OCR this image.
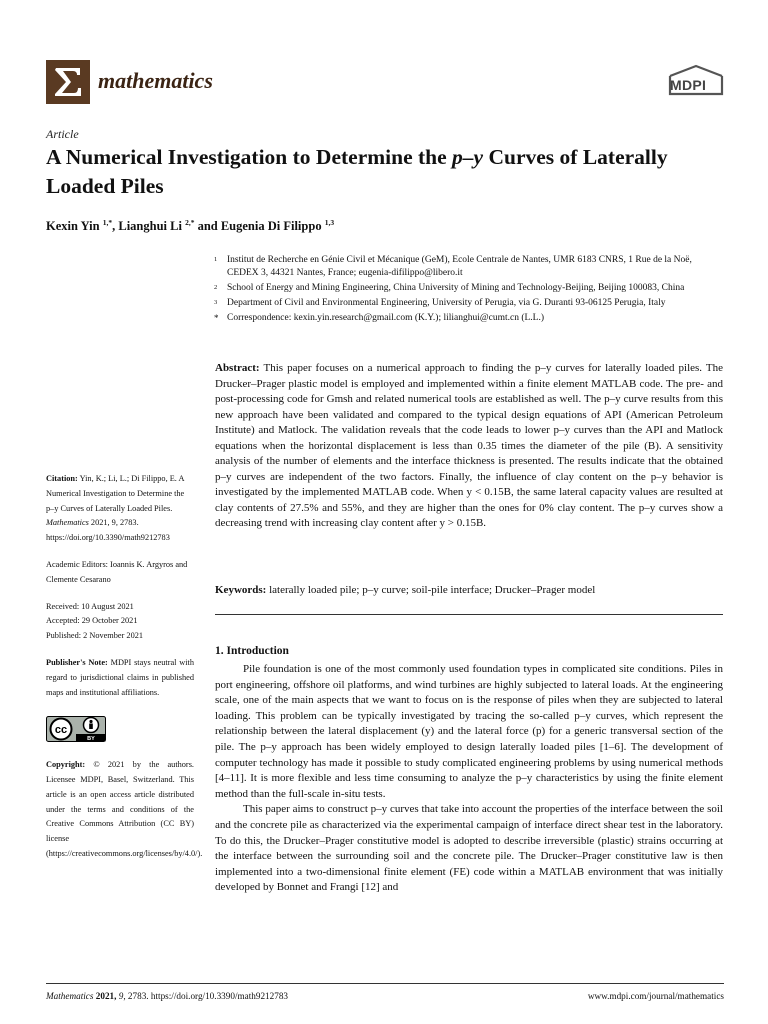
mathematics	MDPI
Article
A Numerical Investigation to Determine the p–y Curves of Laterally Loaded Piles
Kexin Yin $^{1,*}$, Lianghui Li $^{2,*}$ and Eugenia Di Filippo $^{1,3}$
1 Institut de Recherche en Génie Civil et Mécanique (GeM), Ecole Centrale de Nantes, UMR 6183 CNRS, 1 Rue de la Noë, CEDEX 3, 44321 Nantes, France; eugenia-difilippo@libero.it
2 School of Energy and Mining Engineering, China University of Mining and Technology-Beijing, Beijing 100083, China
3 Department of Civil and Environmental Engineering, University of Perugia, via G. Duranti 93-06125 Perugia, Italy
* Correspondence: kexin.yin.research@gmail.com (K.Y.); lilianghui@cumt.cn (L.L.)
Abstract: This paper focuses on a numerical approach to finding the p–y curves for laterally loaded piles. The Drucker–Prager plastic model is employed and implemented within a finite element MATLAB code. The pre- and post-processing code for Gmsh and related numerical tools are established as well. The p–y curve results from this new approach have been validated and compared to the typical design equations of API (American Petroleum Institute) and Matlock. The validation reveals that the code leads to lower p–y curves than the API and Matlock equations when the horizontal displacement is less than 0.35 times the diameter of the pile (B). A sensitivity analysis of the number of elements and the interface thickness is presented. The results indicate that the obtained p–y curves are independent of the two factors. Finally, the influence of clay content on the p–y behavior is investigated by the implemented MATLAB code. When y < 0.15B, the same lateral capacity values are resulted at clay contents of 27.5% and 55%, and they are higher than the ones for 0% clay content. The p–y curves show a decreasing trend with increasing clay content after y > 0.15B.
Keywords: laterally loaded pile; p–y curve; soil-pile interface; Drucker–Prager model
Citation: Yin, K.; Li, L.; Di Filippo, E. A Numerical Investigation to Determine the p–y Curves of Laterally Loaded Piles. Mathematics 2021, 9, 2783. https://doi.org/10.3390/math9212783
Academic Editors: Ioannis K. Argyros and Clemente Cesarano
Received: 10 August 2021
Accepted: 29 October 2021
Published: 2 November 2021
Publisher's Note: MDPI stays neutral with regard to jurisdictional claims in published maps and institutional affiliations.
cc
BY
Copyright: © 2021 by the authors. Licensee MDPI, Basel, Switzerland. This article is an open access article distributed under the terms and conditions of the Creative Commons Attribution (CC BY) license (https://creativecommons.org/licenses/by/4.0/).
1. Introduction

Pile foundation is one of the most commonly used foundation types in complicated site conditions. Piles in port engineering, offshore oil platforms, and wind turbines are highly subjected to lateral loads. At the engineering scale, one of the main aspects that we want to focus on is the response of piles when they are subjected to lateral loading. This problem can be typically investigated by tracing the so-called p–y curves, which represent the relationship between the lateral displacement (y) and the lateral force (p) for a generic transversal section of the pile. The p–y approach has been widely employed to design laterally loaded piles [1–6]. The development of computer technology has made it possible to study complicated engineering problems by using numerical methods [4–11]. It is more flexible and less time consuming to analyze the p–y characteristics by using the finite element method than the full-scale in-situ tests.

This paper aims to construct p–y curves that take into account the properties of the interface between the soil and the concrete pile as characterized via the experimental campaign of interface direct shear test in the laboratory. To do this, the Drucker–Prager constitutive model is adopted to describe irreversible (plastic) strains occurring at the interface between the surrounding soil and the concrete pile. The Drucker–Prager constitutive law is then implemented into a two-dimensional finite element (FE) code within a MATLAB environment that was initially developed by Bonnet and Frangi [12] and

Mathematics 2021, 9, 2783. https://doi.org/10.3390/math9212783	www.mdpi.com/journal/mathematics
